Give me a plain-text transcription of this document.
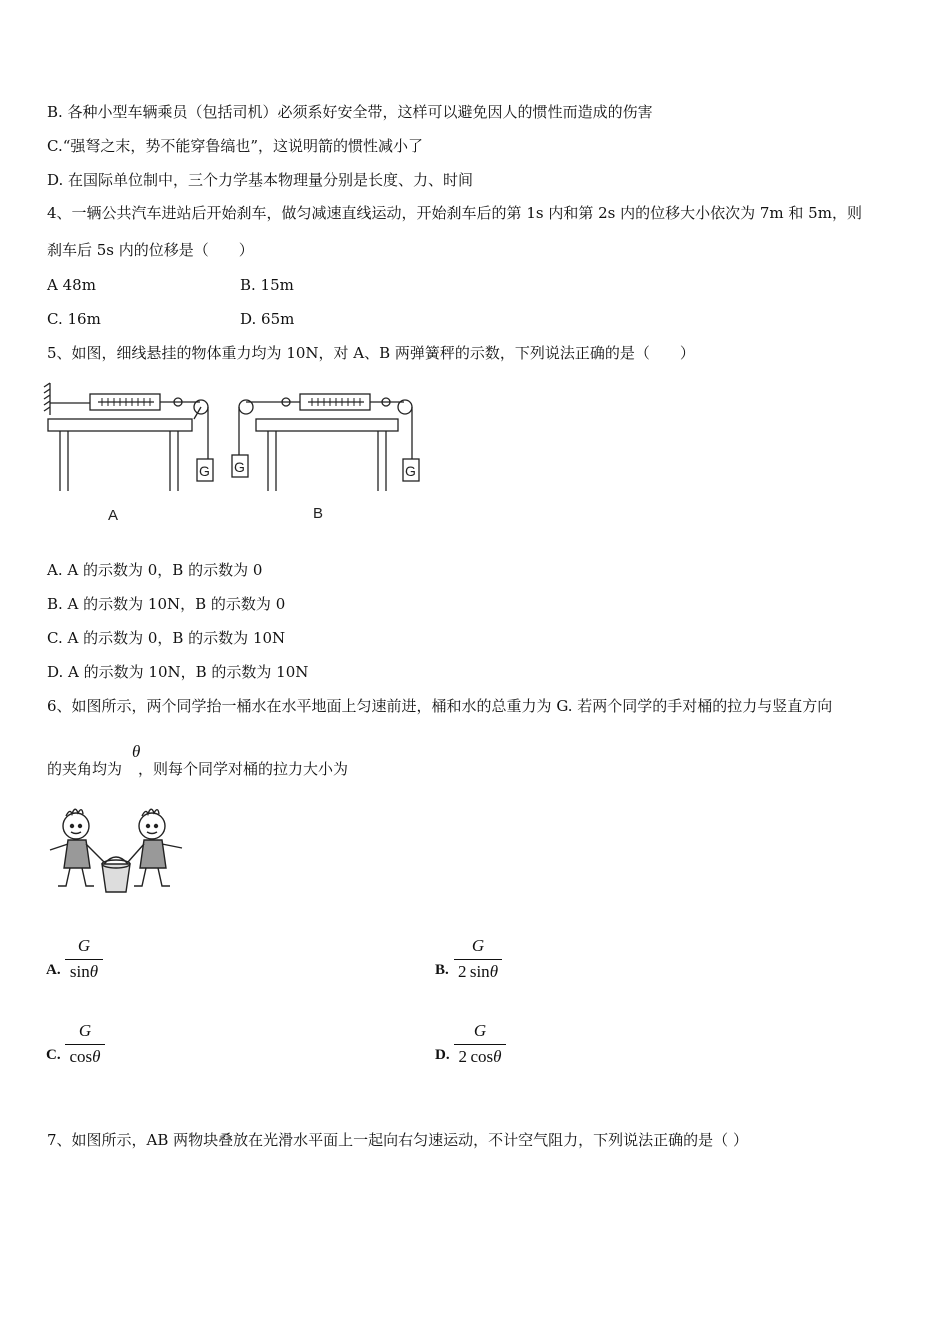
B. 各种小型车辆乘员（包括司机）必须系好安全带，这样可以避免因人的惯性而造成的伤害
C.“强弩之末，势不能穿鲁缟也”，这说明箭的惯性减小了
D. 在国际单位制中，三个力学基本物理量分别是长度、力、时间
4、一辆公共汽车进站后开始刹车，做匀减速直线运动，开始刹车后的第 1s 内和第 2s 内的位移大小依次为 7m 和 5m，则
刹车后 5s 内的位移是（　　）
A 48m	B. 15m
C. 16m	D. 65m
5、如图，细线悬挂的物体重力均为 10N，对 A、B 两弹簧秤的示数，下列说法正确的是（　　）
G G	G
A	B
A. A 的示数为 0，B 的示数为 0
B. A 的示数为 10N，B 的示数为 0
C. A 的示数为 0，B 的示数为 10N
D. A 的示数为 10N，B 的示数为 10N
6、如图所示，两个同学抬一桶水在水平地面上匀速前进，桶和水的总重力为 G. 若两个同学的手对桶的拉力与竖直方向
的夹角均为 ，则每个同学对桶的拉力大小为
θ
A.
G
sinθ	B.
G
2  sinθ
C.
G
cosθ	D.
G
2  cosθ
7、如图所示，AB 两物块叠放在光滑水平面上一起向右匀速运动，不计空气阻力，下列说法正确的是（ ）
